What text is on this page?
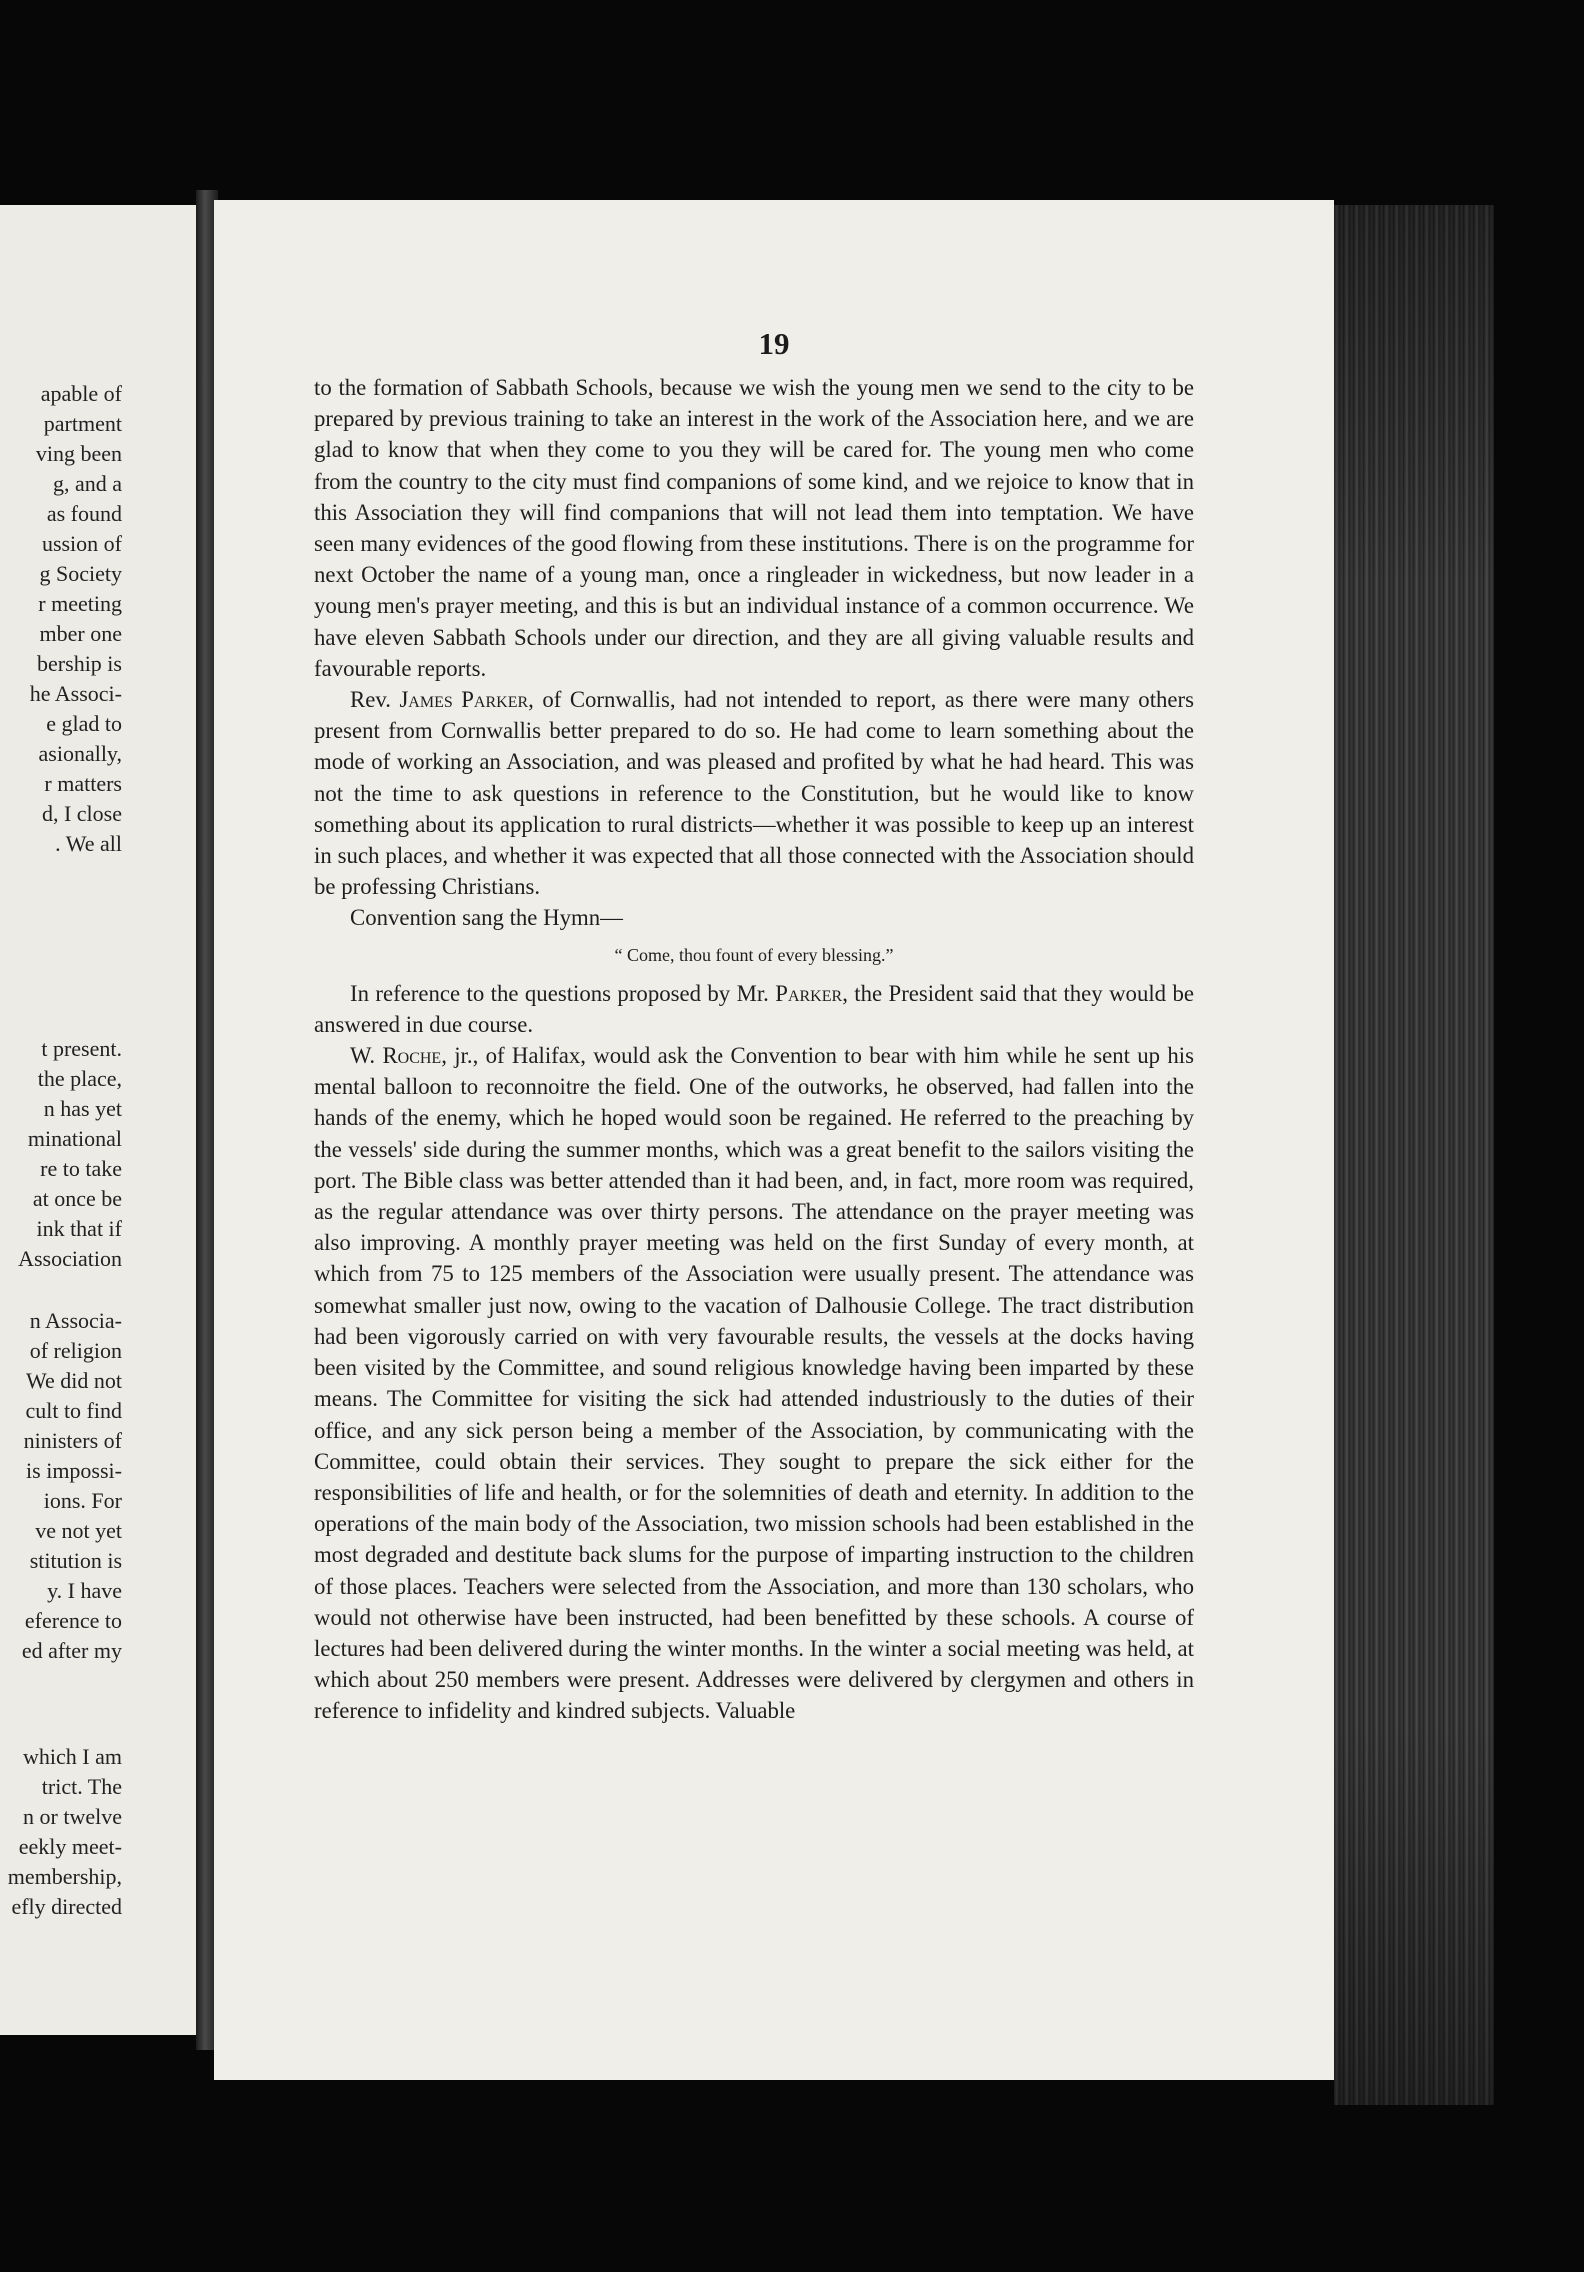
apable of
partment
ving been
g, and a
as found
ussion of
g Society
r meeting
mber one
bership is
he Associ-
e glad to
asionally,
r matters
d, I close
. We all
t present.
the place,
n has yet
minational
re to take
at once be
ink that if
Association
n Associa-
of religion
We did not
cult to find
ninisters of
is impossi-
ions. For
ve not yet
stitution is
y. I have
eference to
ed after my
which I am
trict. The
n or twelve
eekly meet-
membership,
efly directed
19

to the formation of Sabbath Schools, because we wish the young men we send to the city to be prepared by previous training to take an interest in the work of the Association here, and we are glad to know that when they come to you they will be cared for. The young men who come from the country to the city must find companions of some kind, and we rejoice to know that in this Association they will find companions that will not lead them into temptation. We have seen many evidences of the good flowing from these institutions. There is on the programme for next October the name of a young man, once a ringleader in wickedness, but now leader in a young men's prayer meeting, and this is but an individual instance of a common occurrence. We have eleven Sabbath Schools under our direction, and they are all giving valuable results and favourable reports.

Rev. James Parker, of Cornwallis, had not intended to report, as there were many others present from Cornwallis better prepared to do so. He had come to learn something about the mode of working an Association, and was pleased and profited by what he had heard. This was not the time to ask questions in reference to the Constitution, but he would like to know something about its application to rural districts—whether it was possible to keep up an interest in such places, and whether it was expected that all those connected with the Association should be professing Christians.

Convention sang the Hymn—

“ Come, thou fount of every blessing.”

In reference to the questions proposed by Mr. Parker, the President said that they would be answered in due course.

W. Roche, jr., of Halifax, would ask the Convention to bear with him while he sent up his mental balloon to reconnoitre the field. One of the outworks, he observed, had fallen into the hands of the enemy, which he hoped would soon be regained. He referred to the preaching by the vessels' side during the summer months, which was a great benefit to the sailors visiting the port. The Bible class was better attended than it had been, and, in fact, more room was required, as the regular attendance was over thirty persons. The attendance on the prayer meeting was also improving. A monthly prayer meeting was held on the first Sunday of every month, at which from 75 to 125 members of the Association were usually present. The attendance was somewhat smaller just now, owing to the vacation of Dalhousie College. The tract distribution had been vigorously carried on with very favourable results, the vessels at the docks having been visited by the Committee, and sound religious knowledge having been imparted by these means. The Committee for visiting the sick had attended industriously to the duties of their office, and any sick person being a member of the Association, by communicating with the Committee, could obtain their services. They sought to prepare the sick either for the responsibilities of life and health, or for the solemnities of death and eternity. In addition to the operations of the main body of the Association, two mission schools had been established in the most degraded and destitute back slums for the purpose of imparting instruction to the children of those places. Teachers were selected from the Association, and more than 130 scholars, who would not otherwise have been instructed, had been benefitted by these schools. A course of lectures had been delivered during the winter months. In the winter a social meeting was held, at which about 250 members were present. Addresses were delivered by clergymen and others in reference to infidelity and kindred subjects. Valuable
